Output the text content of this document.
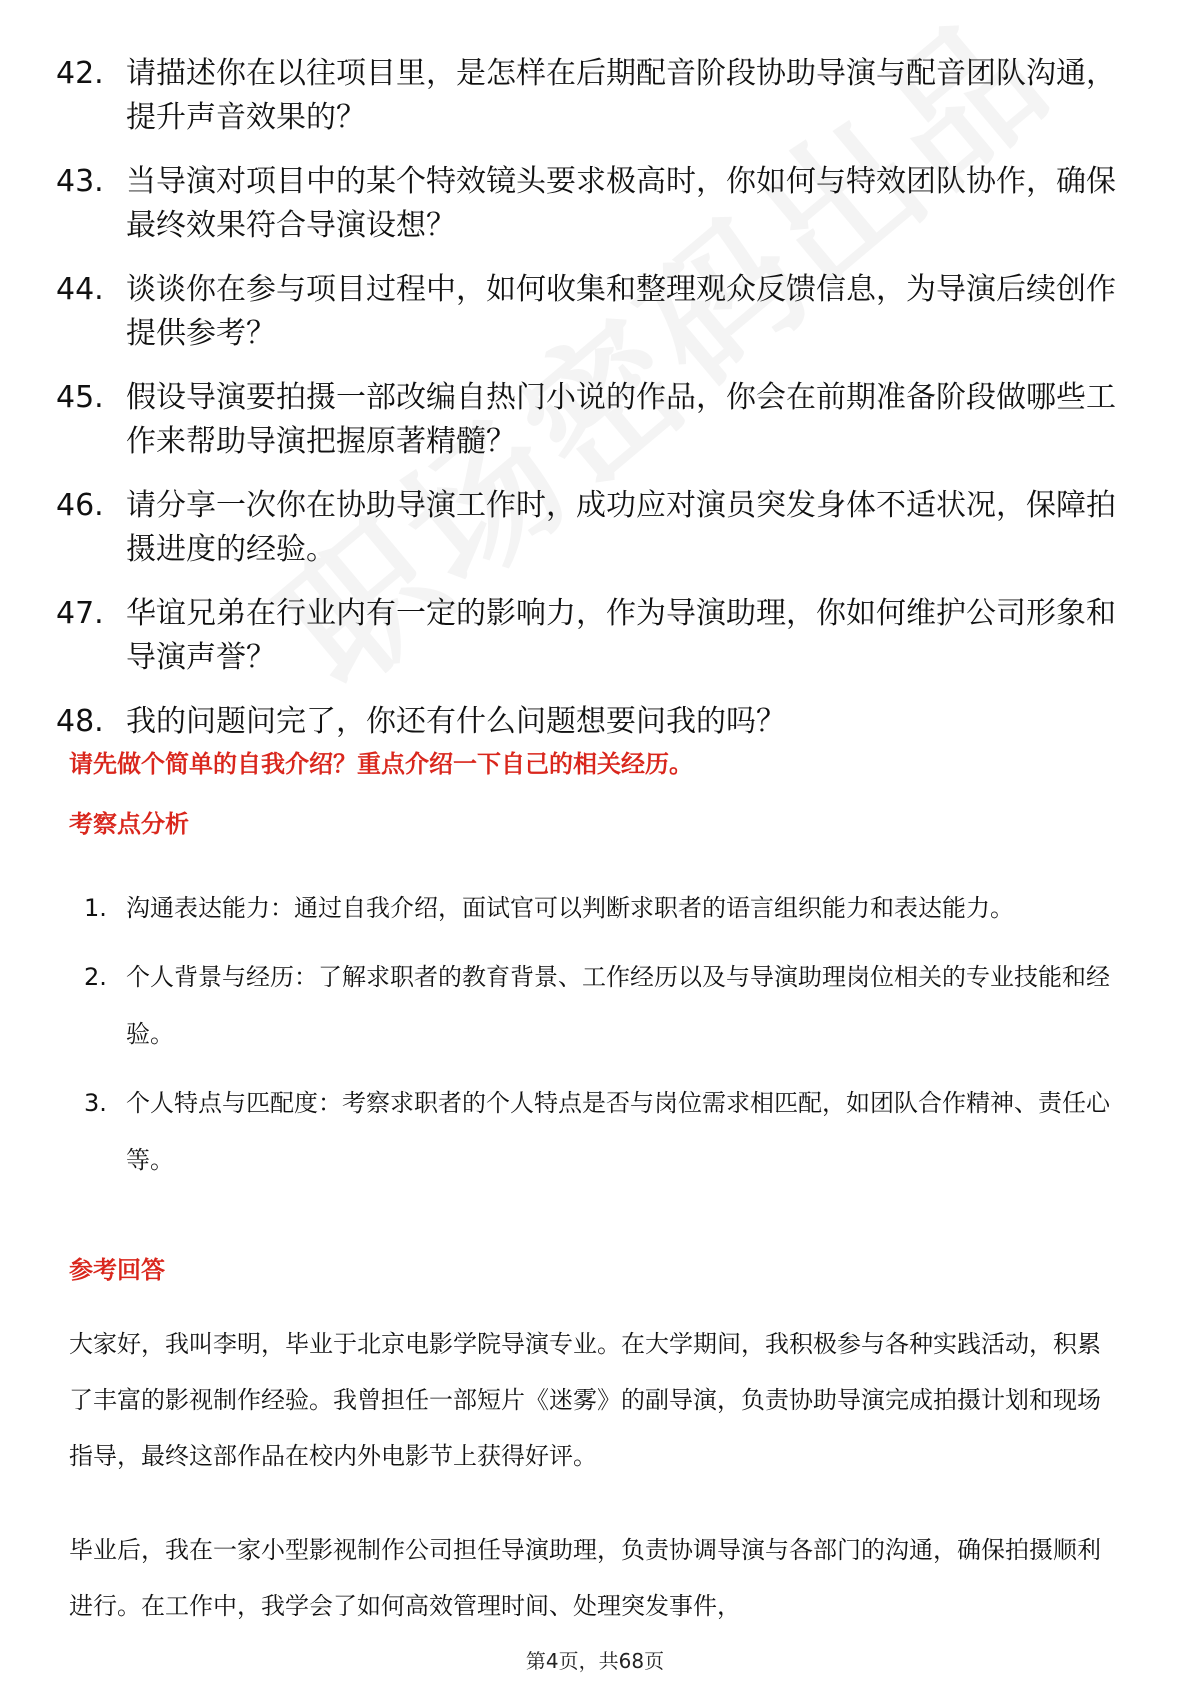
42. 请描述你在以往项目里，是怎样在后期配音阶段协助导演与配音团队沟通，提升声音效果的？
43. 当导演对项目中的某个特效镜头要求极高时，你如何与特效团队协作，确保最终效果符合导演设想？
44. 谈谈你在参与项目过程中，如何收集和整理观众反馈信息，为导演后续创作提供参考？
45. 假设导演要拍摄一部改编自热门小说的作品，你会在前期准备阶段做哪些工作来帮助导演把握原著精髓？
46. 请分享一次你在协助导演工作时，成功应对演员突发身体不适状况，保障拍摄进度的经验。
47. 华谊兄弟在行业内有一定的影响力，作为导演助理，你如何维护公司形象和导演声誉？
48. 我的问题问完了，你还有什么问题想要问我的吗？
请先做个简单的自我介绍？重点介绍一下自己的相关经历。
考察点分析
1. 沟通表达能力：通过自我介绍，面试官可以判断求职者的语言组织能力和表达能力。
2. 个人背景与经历：了解求职者的教育背景、工作经历以及与导演助理岗位相关的专业技能和经验。
3. 个人特点与匹配度：考察求职者的个人特点是否与岗位需求相匹配，如团队合作精神、责任心等。
参考回答
大家好，我叫李明，毕业于北京电影学院导演专业。在大学期间，我积极参与各种实践活动，积累了丰富的影视制作经验。我曾担任一部短片《迷雾》的副导演，负责协助导演完成拍摄计划和现场指导，最终这部作品在校内外电影节上获得好评。
毕业后，我在一家小型影视制作公司担任导演助理，负责协调导演与各部门的沟通，确保拍摄顺利进行。在工作中，我学会了如何高效管理时间、处理突发事件，
第4页，共68页
